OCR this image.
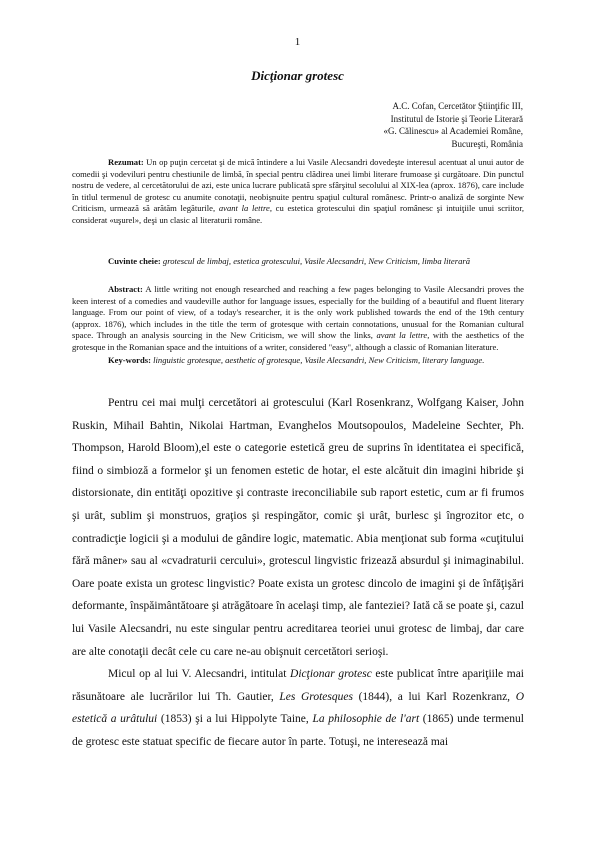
1
Dicţionar grotesc
A.C. Cofan, Cercetător Ştiinţific III,
Institutul de Istorie şi Teorie Literară
«G. Călinescu» al Academiei Române,
Bucureşti, România
Rezumat: Un op puţin cercetat şi de mică întindere a lui Vasile Alecsandri dovedeşte interesul acentuat al unui autor de comedii şi vodeviluri pentru chestiunile de limbă, în special pentru clădirea unei limbi literare frumoase şi curgătoare. Din punctul nostru de vedere, al cercetătorului de azi, este unica lucrare publicată spre sfârşitul secolului al XIX-lea (aprox. 1876), care include în titlul termenul de grotesc cu anumite conotaţii, neobişnuite pentru spaţiul cultural românesc. Printr-o analiză de sorginte New Criticism, urmează să arătăm legăturile, avant la lettre, cu estetica grotescului din spaţiul românesc şi intuiţiile unui scriitor, considerat «uşurel», deşi un clasic al literaturii române.
Cuvinte cheie: grotescul de limbaj, estetica grotescului, Vasile Alecsandri, New Criticism, limba literară
Abstract: A little writing not enough researched and reaching a few pages belonging to Vasile Alecsandri proves the keen interest of a comedies and vaudeville author for language issues, especially for the building of a beautiful and fluent literary language. From our point of view, of a today's researcher, it is the only work published towards the end of the 19th century (approx. 1876), which includes in the title the term of grotesque with certain connotations, unusual for the Romanian cultural space. Through an analysis sourcing in the New Criticism, we will show the links, avant la lettre, with the aesthetics of the grotesque in the Romanian space and the intuitions of a writer, considered "easy", although a classic of Romanian literature.
Key-words: linguistic grotesque, aesthetic of grotesque, Vasile Alecsandri, New Criticism, literary language.

Pentru cei mai mulţi cercetători ai grotescului (Karl Rosenkranz, Wolfgang Kaiser, John Ruskin, Mihail Bahtin, Nikolai Hartman, Evanghelos Moutsopoulos, Madeleine Sechter, Ph. Thompson, Harold Bloom),el este o categorie estetică greu de suprins în identitatea ei specifică, fiind o simbioză a formelor şi un fenomen estetic de hotar, el este alcătuit din imagini hibride şi distorsionate, din entităţi opozitive şi contraste ireconciliabile sub raport estetic, cum ar fi frumos şi urât, sublim şi monstruos, graţios şi respingător, comic şi urât, burlesc şi îngrozitor etc, o contradicţie logicii şi a modului de gândire logic, matematic. Abia menţionat sub forma «cuţitului fără mâner» sau al «cvadraturii cercului», grotescul lingvistic frizează absurdul şi inimaginabilul. Oare poate exista un grotesc lingvistic? Poate exista un grotesc dincolo de imagini şi de înfăţişări deformante, înspăimântătoare şi atrăgătoare în acelaşi timp, ale fanteziei? Iată că se poate şi, cazul lui Vasile Alecsandri, nu este singular pentru acreditarea teoriei unui grotesc de limbaj, dar care are alte conotaţii decât cele cu care ne-au obişnuit cercetători serioşi.

Micul op al lui V. Alecsandri, intitulat Dicţionar grotesc este publicat între apariţiile mai răsunătoare ale lucrărilor lui Th. Gautier, Les Grotesques (1844), a lui Karl Rozenkranz, O estetică a urâtului (1853) şi a lui Hippolyte Taine, La philosophie de l'art (1865) unde termenul de grotesc este statuat specific de fiecare autor în parte. Totuşi, ne interesează mai
